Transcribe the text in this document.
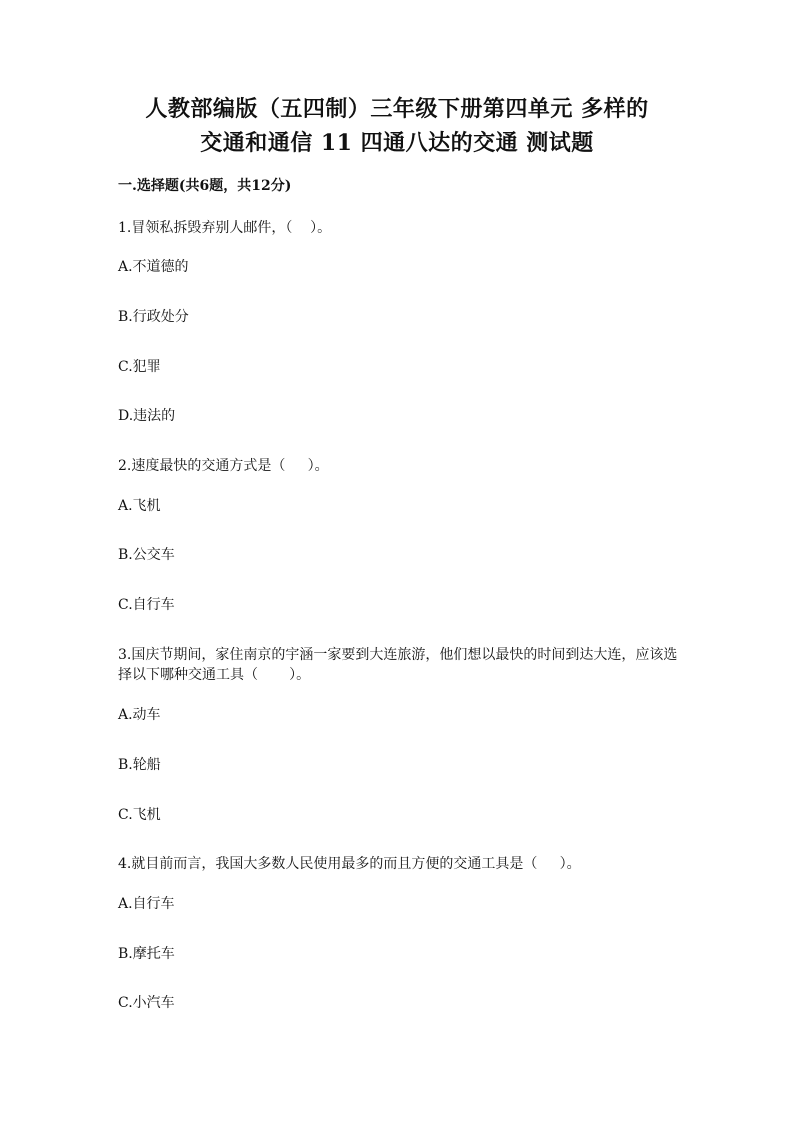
人教部编版（五四制）三年级下册第四单元 多样的
交通和通信 11 四通八达的交通 测试题
一.选择题(共6题，共12分)
1.冒领私拆毁弃别人邮件，（    ）。
A.不道德的
B.行政处分
C.犯罪
D.违法的
2.速度最快的交通方式是（     ）。
A.飞机
B.公交车
C.自行车
3.国庆节期间，家住南京的宇涵一家要到大连旅游，他们想以最快的时间到达大连，应该选择以下哪种交通工具（       ）。
A.动车
B.轮船
C.飞机
4.就目前而言，我国大多数人民使用最多的而且方便的交通工具是（     ）。
A.自行车
B.摩托车
C.小汽车
